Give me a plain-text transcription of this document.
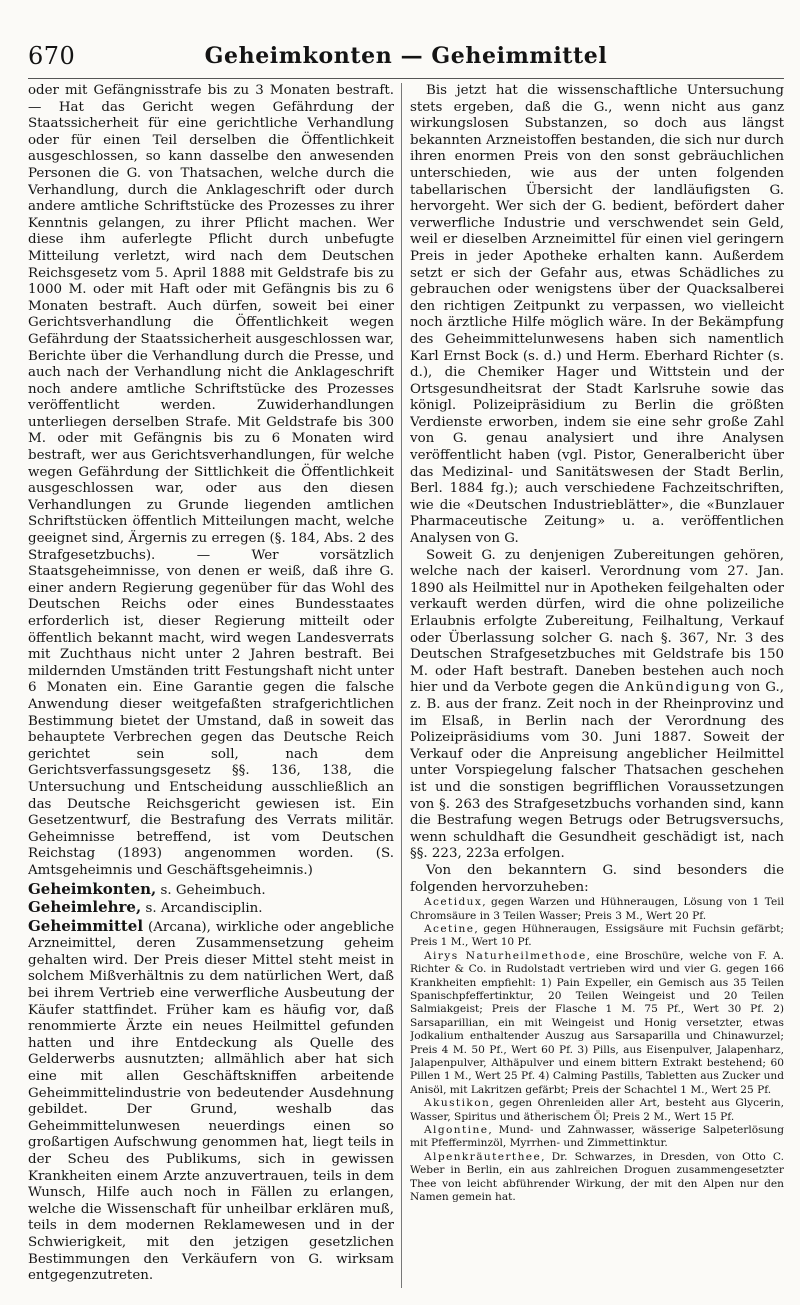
670	Geheimkonten — Geheimmittel

oder mit Gefängnisstrafe bis zu 3 Monaten bestraft. — Hat das Gericht wegen Gefährdung der Staatssicherheit für eine gerichtliche Verhandlung oder für einen Teil derselben die Öffentlichkeit ausgeschlossen, so kann dasselbe den anwesenden Personen die G. von Thatsachen, welche durch die Verhandlung, durch die Anklageschrift oder durch andere amtliche Schriftstücke des Prozesses zu ihrer Kenntnis gelangen, zu ihrer Pflicht machen. Wer diese ihm auferlegte Pflicht durch unbefugte Mitteilung verletzt, wird nach dem Deutschen Reichsgesetz vom 5. April 1888 mit Geldstrafe bis zu 1000 M. oder mit Haft oder mit Gefängnis bis zu 6 Monaten bestraft. Auch dürfen, soweit bei einer Gerichtsverhandlung die Öffentlichkeit wegen Gefährdung der Staatssicherheit ausgeschlossen war, Berichte über die Verhandlung durch die Presse, und auch nach der Verhandlung nicht die Anklageschrift noch andere amtliche Schriftstücke des Prozesses veröffentlicht werden. Zuwiderhandlungen unterliegen derselben Strafe. Mit Geldstrafe bis 300 M. oder mit Gefängnis bis zu 6 Monaten wird bestraft, wer aus Gerichtsverhandlungen, für welche wegen Gefährdung der Sittlichkeit die Öffentlichkeit ausgeschlossen war, oder aus den diesen Verhandlungen zu Grunde liegenden amtlichen Schriftstücken öffentlich Mitteilungen macht, welche geeignet sind, Ärgernis zu erregen (§. 184, Abs. 2 des Strafgesetzbuchs). — Wer vorsätzlich Staatsgeheimnisse, von denen er weiß, daß ihre G. einer andern Regierung gegenüber für das Wohl des Deutschen Reichs oder eines Bundesstaates erforderlich ist, dieser Regierung mitteilt oder öffentlich bekannt macht, wird wegen Landesverrats mit Zuchthaus nicht unter 2 Jahren bestraft. Bei mildernden Umständen tritt Festungshaft nicht unter 6 Monaten ein. Eine Garantie gegen die falsche Anwendung dieser weitgefaßten strafgerichtlichen Bestimmung bietet der Umstand, daß in soweit das behauptete Verbrechen gegen das Deutsche Reich gerichtet sein soll, nach dem Gerichtsverfassungsgesetz §§. 136, 138, die Untersuchung und Entscheidung ausschließlich an das Deutsche Reichsgericht gewiesen ist. Ein Gesetzentwurf, die Bestrafung des Verrats militär. Geheimnisse betreffend, ist vom Deutschen Reichstag (1893) angenommen worden. (S. Amtsgeheimnis und Geschäftsgeheimnis.)

Geheimkonten, s. Geheimbuch.

Geheimlehre, s. Arcandisciplin.

Geheimmittel (Arcana), wirkliche oder angebliche Arzneimittel, deren Zusammensetzung geheim gehalten wird. Der Preis dieser Mittel steht meist in solchem Mißverhältnis zu dem natürlichen Wert, daß bei ihrem Vertrieb eine verwerfliche Ausbeutung der Käufer stattfindet. Früher kam es häufig vor, daß renommierte Ärzte ein neues Heilmittel gefunden hatten und ihre Entdeckung als Quelle des Gelderwerbs ausnutzten; allmählich aber hat sich eine mit allen Geschäftskniffen arbeitende Geheimmittelindustrie von bedeutender Ausdehnung gebildet. Der Grund, weshalb das Geheimmittelunwesen neuerdings einen so großartigen Aufschwung genommen hat, liegt teils in der Scheu des Publikums, sich in gewissen Krankheiten einem Arzte anzuvertrauen, teils in dem Wunsch, Hilfe auch noch in Fällen zu erlangen, welche die Wissenschaft für unheilbar erklären muß, teils in dem modernen Reklamewesen und in der Schwierigkeit, mit den jetzigen gesetzlichen Bestimmungen den Verkäufern von G. wirksam entgegenzutreten.

Bis jetzt hat die wissenschaftliche Untersuchung stets ergeben, daß die G., wenn nicht aus ganz wirkungslosen Substanzen, so doch aus längst bekannten Arzneistoffen bestanden, die sich nur durch ihren enormen Preis von den sonst gebräuchlichen unterschieden, wie aus der unten folgenden tabellarischen Übersicht der landläufigsten G. hervorgeht. Wer sich der G. bedient, befördert daher verwerfliche Industrie und verschwendet sein Geld, weil er dieselben Arzneimittel für einen viel geringern Preis in jeder Apotheke erhalten kann. Außerdem setzt er sich der Gefahr aus, etwas Schädliches zu gebrauchen oder wenigstens über der Quacksalberei den richtigen Zeitpunkt zu verpassen, wo vielleicht noch ärztliche Hilfe möglich wäre. In der Bekämpfung des Geheimmittelunwesens haben sich namentlich Karl Ernst Bock (s. d.) und Herm. Eberhard Richter (s. d.), die Chemiker Hager und Wittstein und der Ortsgesundheitsrat der Stadt Karlsruhe sowie das königl. Polizeipräsidium zu Berlin die größten Verdienste erworben, indem sie eine sehr große Zahl von G. genau analysiert und ihre Analysen veröffentlicht haben (vgl. Pistor, Generalbericht über das Medizinal- und Sanitätswesen der Stadt Berlin, Berl. 1884 fg.); auch verschiedene Fachzeitschriften, wie die «Deutschen Industrieblätter», die «Bunzlauer Pharmaceutische Zeitung» u. a. veröffentlichen Analysen von G.

Soweit G. zu denjenigen Zubereitungen gehören, welche nach der kaiserl. Verordnung vom 27. Jan. 1890 als Heilmittel nur in Apotheken feilgehalten oder verkauft werden dürfen, wird die ohne polizeiliche Erlaubnis erfolgte Zubereitung, Feilhaltung, Verkauf oder Überlassung solcher G. nach §. 367, Nr. 3 des Deutschen Strafgesetzbuches mit Geldstrafe bis 150 M. oder Haft bestraft. Daneben bestehen auch noch hier und da Verbote gegen die Ankündigung von G., z. B. aus der franz. Zeit noch in der Rheinprovinz und im Elsaß, in Berlin nach der Verordnung des Polizeipräsidiums vom 30. Juni 1887. Soweit der Verkauf oder die Anpreisung angeblicher Heilmittel unter Vorspiegelung falscher Thatsachen geschehen ist und die sonstigen begrifflichen Voraussetzungen von §. 263 des Strafgesetzbuchs vorhanden sind, kann die Bestrafung wegen Betrugs oder Betrugsversuchs, wenn schuldhaft die Gesundheit geschädigt ist, nach §§. 223, 223a erfolgen.

Von den bekanntern G. sind besonders die folgenden hervorzuheben:

Acetidux, gegen Warzen und Hühneraugen, Lösung von 1 Teil Chromsäure in 3 Teilen Wasser; Preis 3 M., Wert 20 Pf.

Acetine, gegen Hühneraugen, Essigsäure mit Fuchsin gefärbt; Preis 1 M., Wert 10 Pf.

Airys Naturheilmethode, eine Broschüre, welche von F. A. Richter & Co. in Rudolstadt vertrieben wird und vier G. gegen 166 Krankheiten empfiehlt: 1) Pain Expeller, ein Gemisch aus 35 Teilen Spanischpfeffertinktur, 20 Teilen Weingeist und 20 Teilen Salmiakgeist; Preis der Flasche 1 M. 75 Pf., Wert 30 Pf. 2) Sarsaparillian, ein mit Weingeist und Honig versetzter, etwas Jodkalium enthaltender Auszug aus Sarsaparilla und Chinawurzel; Preis 4 M. 50 Pf., Wert 60 Pf. 3) Pills, aus Eisenpulver, Jalapenharz, Jalapenpulver, Althäpulver und einem bittern Extrakt bestehend; 60 Pillen 1 M., Wert 25 Pf. 4) Calming Pastills, Tabletten aus Zucker und Anisöl, mit Lakritzen gefärbt; Preis der Schachtel 1 M., Wert 25 Pf.

Akustikon, gegen Ohrenleiden aller Art, besteht aus Glycerin, Wasser, Spiritus und ätherischem Öl; Preis 2 M., Wert 15 Pf.

Algontine, Mund- und Zahnwasser, wässerige Salpeterlösung mit Pfefferminzöl, Myrrhen- und Zimmettinktur.

Alpenkräuterthee, Dr. Schwarzes, in Dresden, von Otto C. Weber in Berlin, ein aus zahlreichen Droguen zusammengesetzter Thee von leicht abführender Wirkung, der mit den Alpen nur den Namen gemein hat.
